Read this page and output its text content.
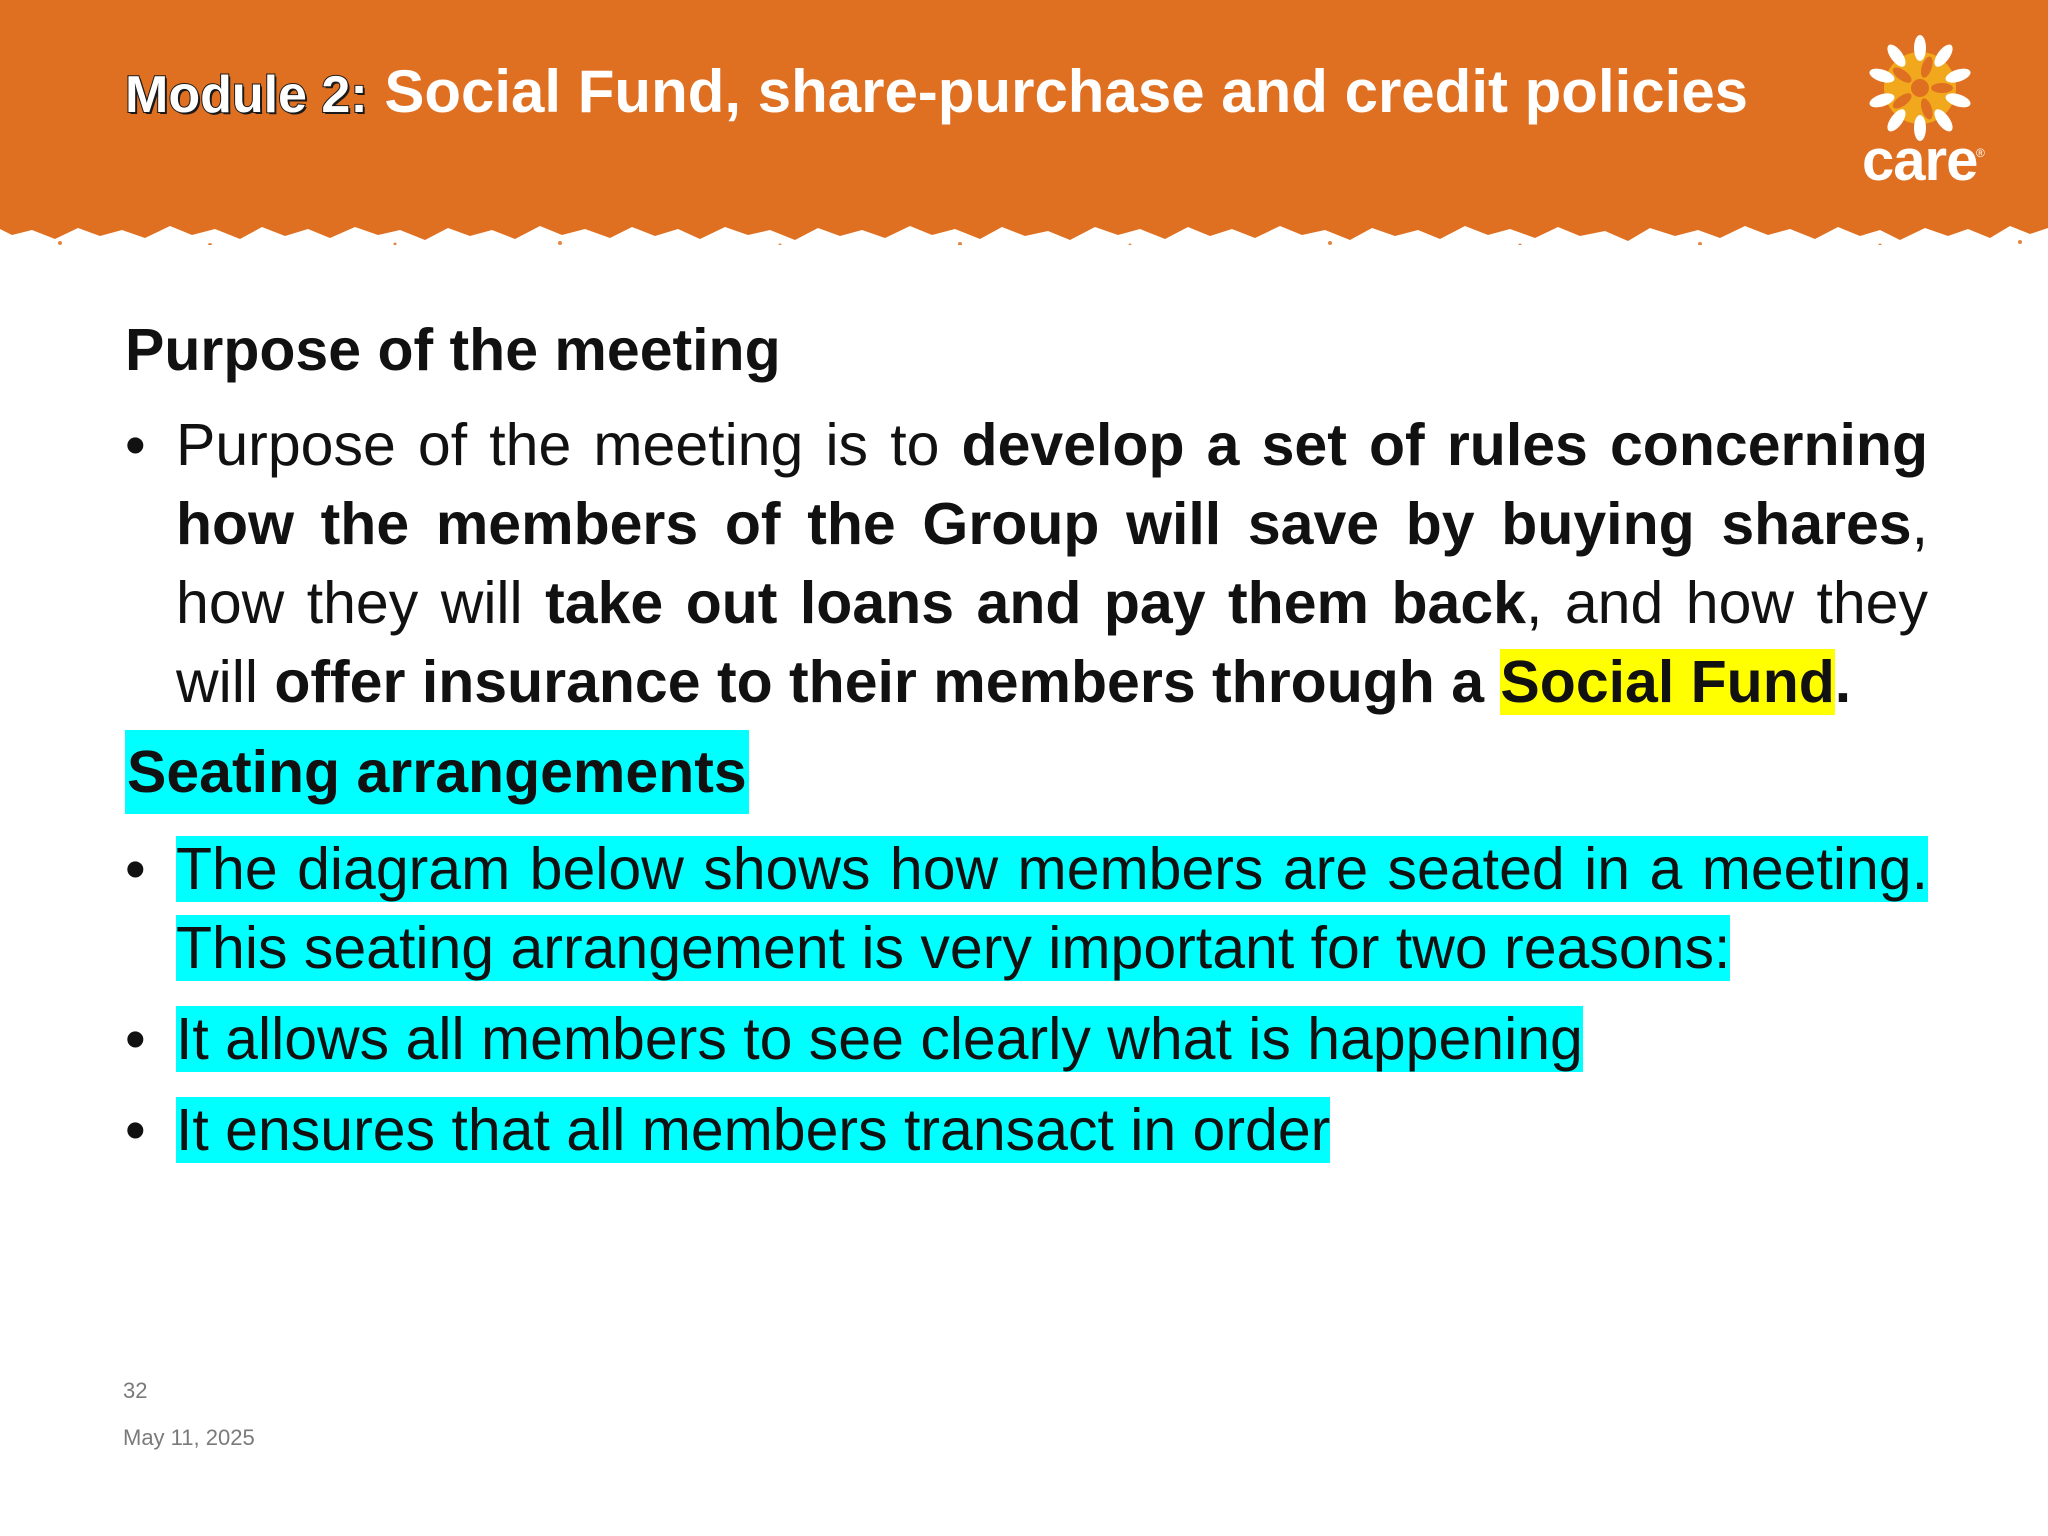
Module 2: Social Fund, share-purchase and credit policies
care
®
Purpose of the meeting
• Purpose of the meeting is to develop a set of rules concerning how the members of the Group will save by buying shares, how they will take out loans and pay them back, and how they will offer insurance to their members through a Social Fund.
Seating arrangements
• The diagram below shows how members are seated in a meeting. This seating arrangement is very important for two reasons:
• It allows all members to see clearly what is happening
• It ensures that all members transact in order
32
May 11, 2025
